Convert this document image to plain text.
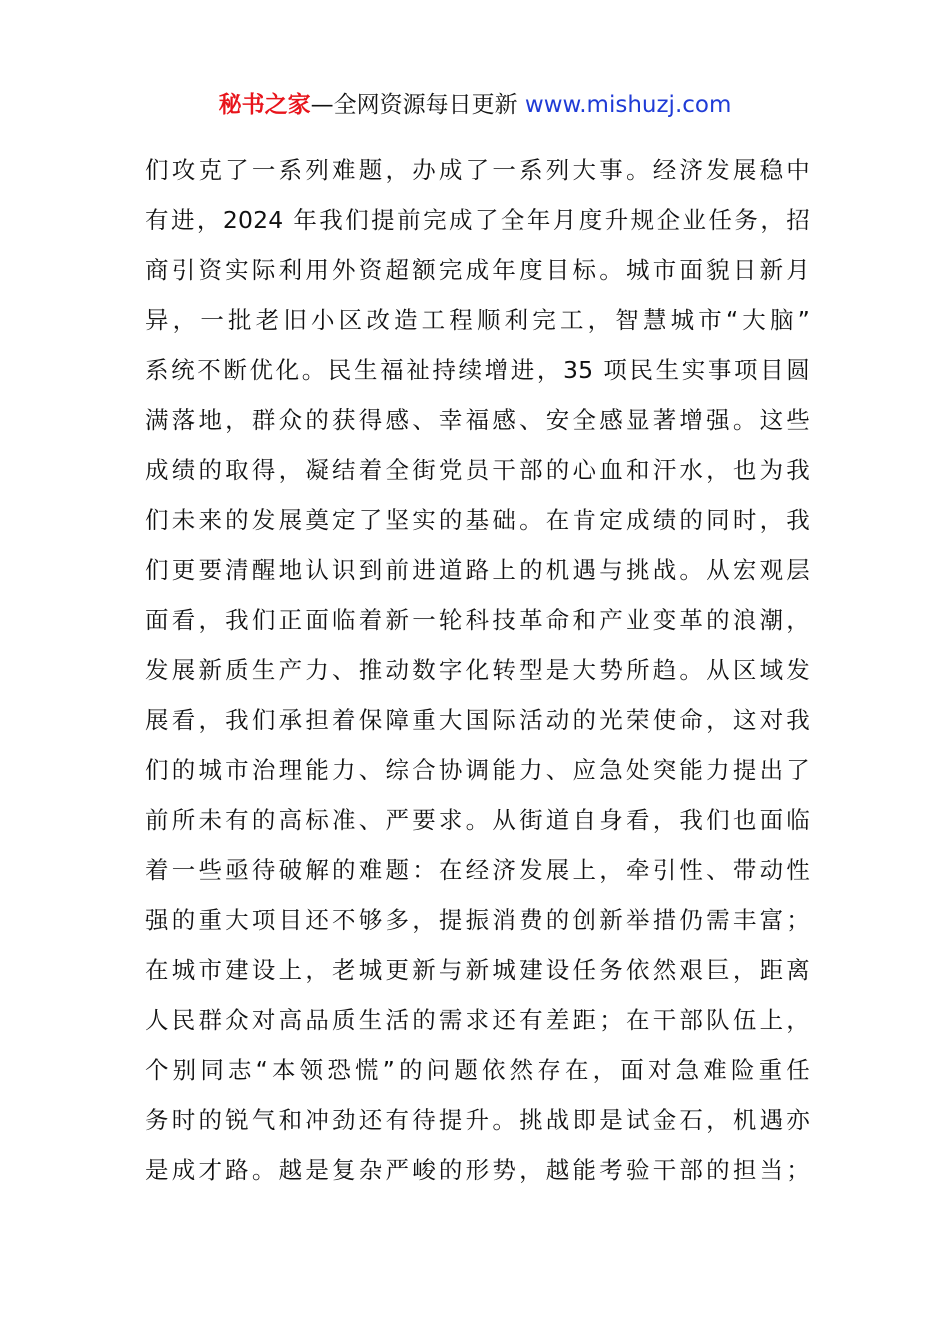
秘书之家—全网资源每日更新 www.mishuzj.com
们攻克了一系列难题，办成了一系列大事。经济发展稳中
有进，2024 年我们提前完成了全年月度升规企业任务，招
商引资实际利用外资超额完成年度目标。城市面貌日新月
异，一批老旧小区改造工程顺利完工，智慧城市“大脑”
系统不断优化。民生福祉持续增进，35 项民生实事项目圆
满落地，群众的获得感、幸福感、安全感显著增强。这些
成绩的取得，凝结着全街党员干部的心血和汗水，也为我
们未来的发展奠定了坚实的基础。在肯定成绩的同时，我
们更要清醒地认识到前进道路上的机遇与挑战。从宏观层
面看，我们正面临着新一轮科技革命和产业变革的浪潮，
发展新质生产力、推动数字化转型是大势所趋。从区域发
展看，我们承担着保障重大国际活动的光荣使命，这对我
们的城市治理能力、综合协调能力、应急处突能力提出了
前所未有的高标准、严要求。从街道自身看，我们也面临
着一些亟待破解的难题：在经济发展上，牵引性、带动性
强的重大项目还不够多，提振消费的创新举措仍需丰富；
在城市建设上，老城更新与新城建设任务依然艰巨，距离
人民群众对高品质生活的需求还有差距；在干部队伍上，
个别同志“本领恐慌”的问题依然存在，面对急难险重任
务时的锐气和冲劲还有待提升。挑战即是试金石，机遇亦
是成才路。越是复杂严峻的形势，越能考验干部的担当；
